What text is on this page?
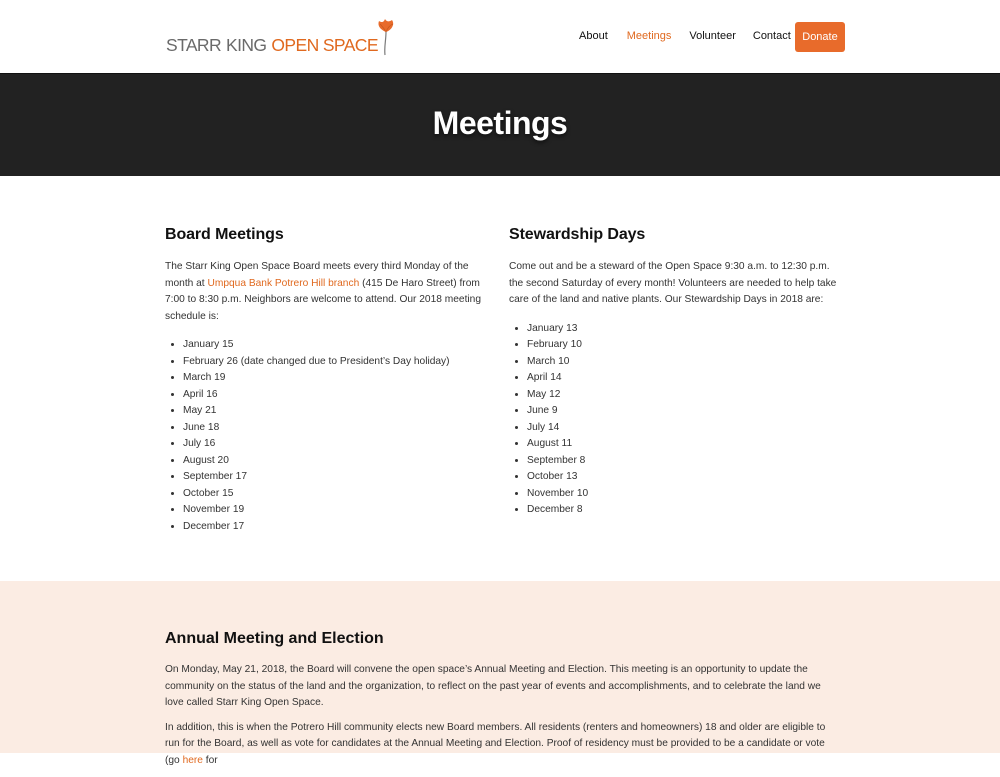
STARR KING OPEN SPACE	About Meetings Volunteer Contact	Donate
Meetings
Board Meetings

The Starr King Open Space Board meets every third Monday of the month at Umpqua Bank Potrero Hill branch (415 De Haro Street) from 7:00 to 8:30 p.m. Neighbors are welcome to attend. Our 2018 meeting schedule is:

• January 15
• February 26 (date changed due to President’s Day holiday)
• March 19
• April 16
• May 21
• June 18
• July 16
• August 20
• September 17
• October 15
• November 19
• December 17
Stewardship Days

Come out and be a steward of the Open Space 9:30 a.m. to 12:30 p.m. the second Saturday of every month! Volunteers are needed to help take care of the land and native plants. Our Stewardship Days in 2018 are:

• January 13
• February 10
• March 10
• April 14
• May 12
• June 9
• July 14
• August 11
• September 8
• October 13
• November 10
• December 8
Annual Meeting and Election

On Monday, May 21, 2018, the Board will convene the open space’s Annual Meeting and Election. This meeting is an opportunity to update the community on the status of the land and the organization, to reflect on the past year of events and accomplishments, and to celebrate the land we love called Starr King Open Space.

In addition, this is when the Potrero Hill community elects new Board members. All residents (renters and homeowners) 18 and older are eligible to run for the Board, as well as vote for candidates at the Annual Meeting and Election. Proof of residency must be provided to be a candidate or vote (go here for
